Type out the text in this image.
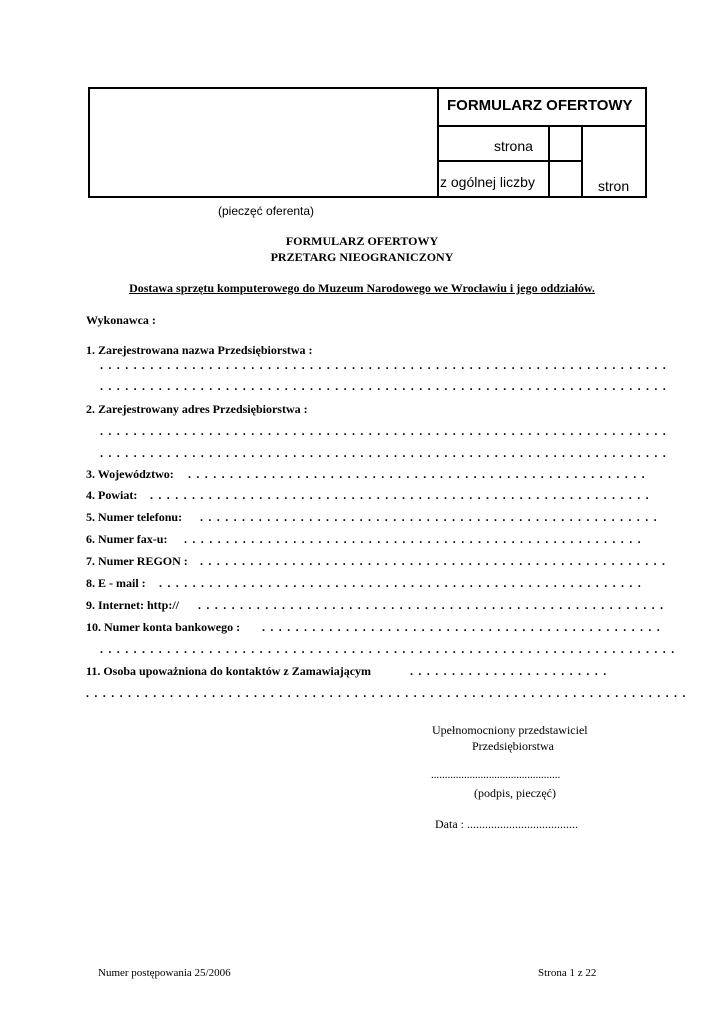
FORMULARZ OFERTOWY
strona
z ogólnej liczby	stron
(pieczęć oferenta)
FORMULARZ OFERTOWY
PRZETARG NIEOGRANICZONY
Dostawa sprzętu komputerowego do Muzeum Narodowego we Wrocławiu i jego oddziałów.
Wykonawca :
1. Zarejestrowana nazwa Przedsiębiorstwa :
. . . . . . . . . . . . . . . . . . . . . . . . . . . . . . . . . . . . . . . . . . . . . . . . . . . . . . . . . . . . . . . . . . . .
. . . . . . . . . . . . . . . . . . . . . . . . . . . . . . . . . . . . . . . . . . . . . . . . . . . . . . . . . . . . . . . . . . . .
2. Zarejestrowany adres Przedsiębiorstwa :
. . . . . . . . . . . . . . . . . . . . . . . . . . . . . . . . . . . . . . . . . . . . . . . . . . . . . . . . . . . . . . . . . . . .
. . . . . . . . . . . . . . . . . . . . . . . . . . . . . . . . . . . . . . . . . . . . . . . . . . . . . . . . . . . . . . . . . . . .
3. Województwo: . . . . . . . . . . . . . . . . . . . . . . . . . . . . . . . . . . . . . . . . . . . . . . . . . . . . . . .
4. Powiat: . . . . . . . . . . . . . . . . . . . . . . . . . . . . . . . . . . . . . . . . . . . . . . . . . . . . . . . . . . . .
5. Numer telefonu: . . . . . . . . . . . . . . . . . . . . . . . . . . . . . . . . . . . . . . . . . . . . . . . . . . . . . . .
6. Numer fax-u: . . . . . . . . . . . . . . . . . . . . . . . . . . . . . . . . . . . . . . . . . . . . . . . . . . . . . . .
7. Numer REGON : . . . . . . . . . . . . . . . . . . . . . . . . . . . . . . . . . . . . . . . . . . . . . . . . . . . . . . . .
8. E - mail : . . . . . . . . . . . . . . . . . . . . . . . . . . . . . . . . . . . . . . . . . . . . . . . . . . . . . . . . . .
9. Internet: http:// . . . . . . . . . . . . . . . . . . . . . . . . . . . . . . . . . . . . . . . . . . . . . . . . . . . . . . . .
10. Numer konta bankowego : . . . . . . . . . . . . . . . . . . . . . . . . . . . . . . . . . . . . . . . . . . . . . . . .
. . . . . . . . . . . . . . . . . . . . . . . . . . . . . . . . . . . . . . . . . . . . . . . . . . . . . . . . . . . . . . . . . . . . .
11. Osoba upoważniona do kontaktów z Zamawiającym	. . . . . . . . . . . . . . . . . . . . . . . .
. . . . . . . . . . . . . . . . . . . . . . . . . . . . . . . . . . . . . . . . . . . . . . . . . . . . . . . . . . . . . . . . . . . . . . . .
Upełnomocniony przedstawiciel
Przedsiębiorstwa
...............................................
(podpis, pieczęć)
Data : .....................................
Numer postępowania 25/2006	Strona 1 z 22
